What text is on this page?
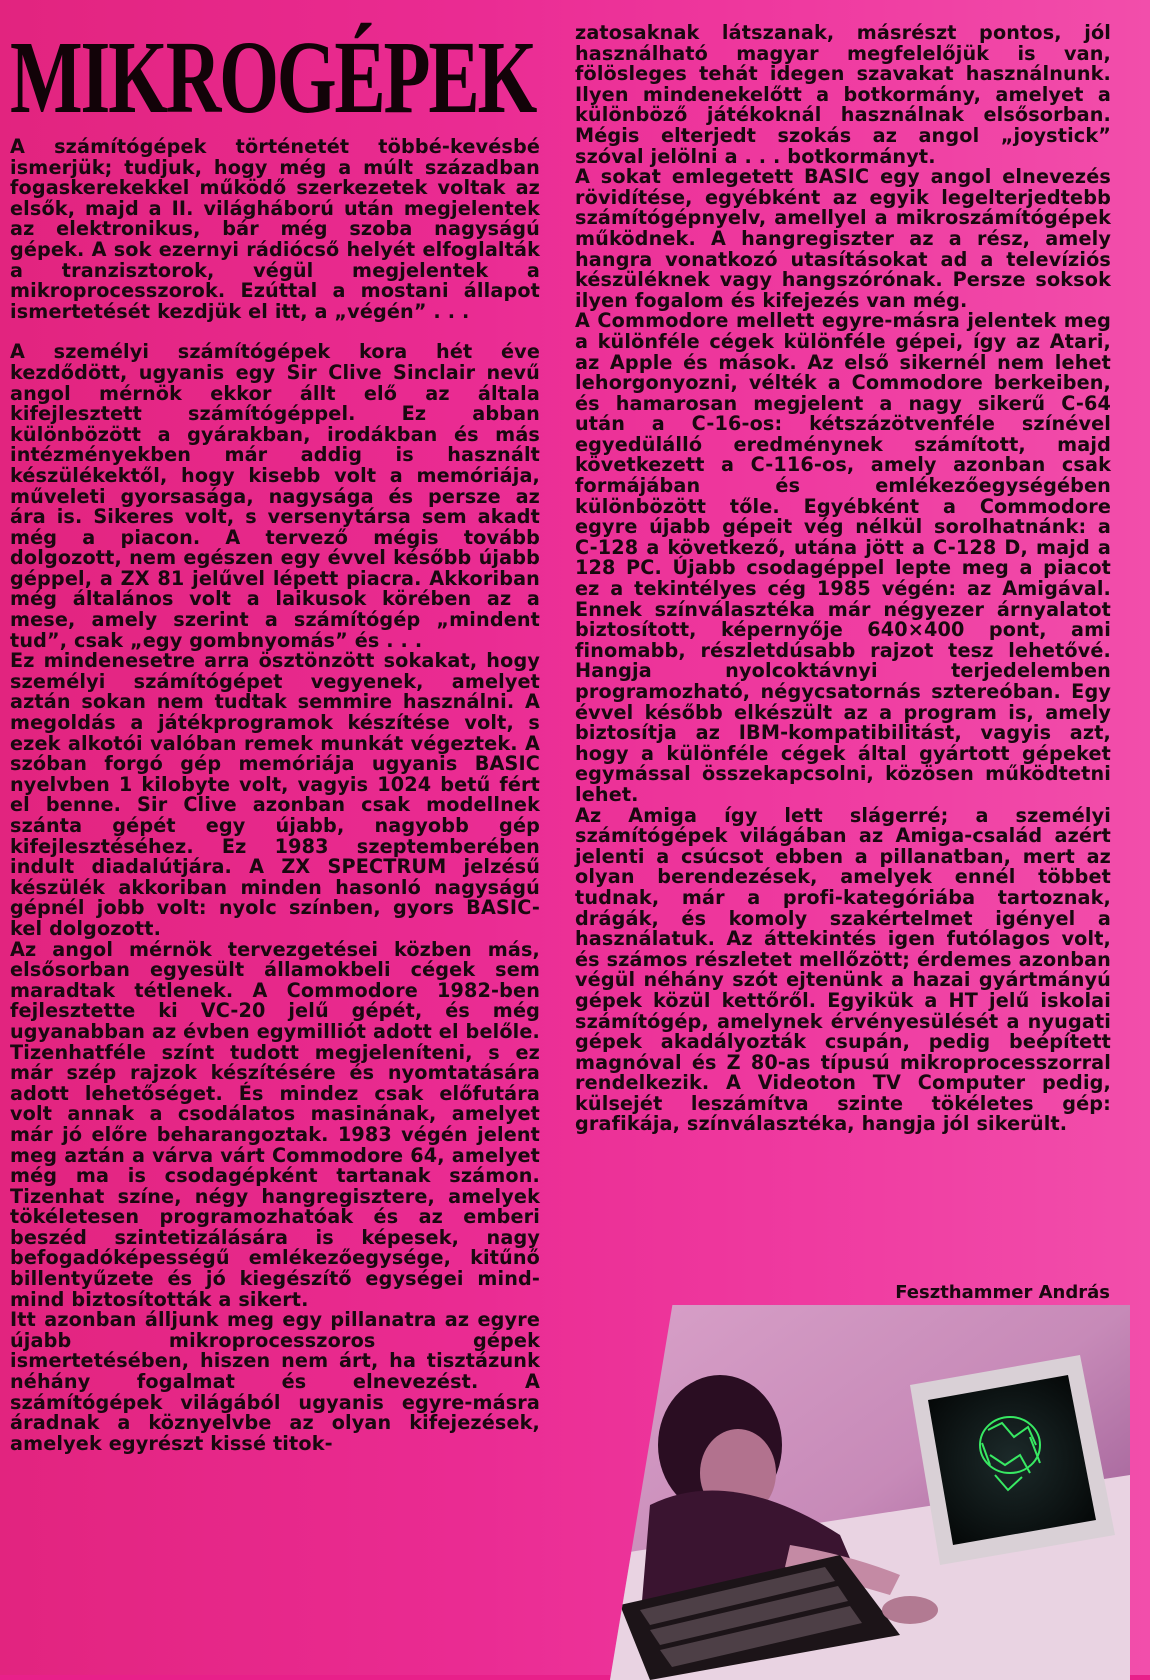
MIKROGÉPEK

A számítógépek történetét többé-kevésbé ismerjük; tudjuk, hogy még a múlt században fogaskerekekkel működő szerkezetek voltak az elsők, majd a II. világháború után megjelentek az elektronikus, bár még szoba nagyságú gépek. A sok ezernyi rádiócső helyét elfoglalták a tranzisztorok, végül megjelentek a mikroprocesszorok. Ezúttal a mostani állapot ismertetését kezdjük el itt, a „végén” . . .

A személyi számítógépek kora hét éve kezdődött, ugyanis egy Sir Clive Sinclair nevű angol mérnök ekkor állt elő az általa kifejlesztett számítógéppel. Ez abban különbözött a gyárakban, irodákban és más intézményekben már addig is használt készülékektől, hogy kisebb volt a memóriája, műveleti gyorsasága, nagysága és persze az ára is. Sikeres volt, s versenytársa sem akadt még a piacon. A tervező mégis tovább dolgozott, nem egészen egy évvel később újabb géppel, a ZX 81 jelűvel lépett piacra. Akkoriban még általános volt a laikusok körében az a mese, amely szerint a számítógép „mindent tud”, csak „egy gombnyomás” és . . .

Ez mindenesetre arra ösztönzött sokakat, hogy személyi számítógépet vegyenek, amelyet aztán sokan nem tudtak semmire használni. A megoldás a játékprogramok készítése volt, s ezek alkotói valóban remek munkát végeztek. A szóban forgó gép memóriája ugyanis BASIC nyelvben 1 kilobyte volt, vagyis 1024 betű fért el benne. Sir Clive azonban csak modellnek szánta gépét egy újabb, nagyobb gép kifejlesztéséhez. Ez 1983 szeptemberében indult diadalútjára. A ZX SPECTRUM jelzésű készülék akkoriban minden hasonló nagyságú gépnél jobb volt: nyolc színben, gyors BASIC-kel dolgozott.

Az angol mérnök tervezgetései közben más, elsősorban egyesült államokbeli cégek sem maradtak tétlenek. A Commodore 1982-ben fejlesztette ki VC-20 jelű gépét, és még ugyanabban az évben egymilliót adott el belőle. Tizenhatféle színt tudott megjeleníteni, s ez már szép rajzok készítésére és nyomtatására adott lehetőséget. És mindez csak előfutára volt annak a csodálatos masinának, amelyet már jó előre beharangoztak. 1983 végén jelent meg aztán a várva várt Commodore 64, amelyet még ma is csodagépként tartanak számon. Tizenhat színe, négy hangregisztere, amelyek tökéletesen programozhatóak és az emberi beszéd szintetizálására is képesek, nagy befogadóképességű emlékezőegysége, kitűnő billentyűzete és jó kiegészítő egységei mind-mind biztosították a sikert.

Itt azonban álljunk meg egy pillanatra az egyre újabb mikroprocesszoros gépek ismertetésében, hiszen nem árt, ha tisztázunk néhány fogalmat és elnevezést. A számítógépek világából ugyanis egyre-másra áradnak a köznyelvbe az olyan kifejezések, amelyek egyrészt kissé titok-

zatosaknak látszanak, másrészt pontos, jól használható magyar megfelelőjük is van, fölösleges tehát idegen szavakat használnunk. Ilyen mindenekelőtt a botkormány, amelyet a különböző játékoknál használnak elsősorban. Mégis elterjedt szokás az angol „joystick” szóval jelölni a . . . botkormányt.

A sokat emlegetett BASIC egy angol elnevezés rövidítése, egyébként az egyik legelterjedtebb számítógépnyelv, amellyel a mikroszámítógépek működnek. A hangregiszter az a rész, amely hangra vonatkozó utasításokat ad a televíziós készüléknek vagy hangszórónak. Persze soksok ilyen fogalom és kifejezés van még.

A Commodore mellett egyre-másra jelentek meg a különféle cégek különféle gépei, így az Atari, az Apple és mások. Az első sikernél nem lehet lehorgonyozni, vélték a Commodore berkeiben, és hamarosan megjelent a nagy sikerű C-64 után a C-16-os: kétszázötvenféle színével egyedülálló eredménynek számított, majd következett a C-116-os, amely azonban csak formájában és emlékezőegységében különbözött tőle. Egyébként a Commodore egyre újabb gépeit vég nélkül sorolhatnánk: a C-128 a következő, utána jött a C-128 D, majd a 128 PC. Újabb csodagéppel lepte meg a piacot ez a tekintélyes cég 1985 végén: az Amigával. Ennek színválasztéka már négyezer árnyalatot biztosított, képernyője 640×400 pont, ami finomabb, részletdúsabb rajzot tesz lehetővé. Hangja nyolcoktávnyi terjedelemben programozható, négycsatornás sztereóban. Egy évvel később elkészült az a program is, amely biztosítja az IBM-kompatibilitást, vagyis azt, hogy a különféle cégek által gyártott gépeket egymással összekapcsolni, közösen működtetni lehet.

Az Amiga így lett slágerré; a személyi számítógépek világában az Amiga-család azért jelenti a csúcsot ebben a pillanatban, mert az olyan berendezések, amelyek ennél többet tudnak, már a profi-kategóriába tartoznak, drágák, és komoly szakértelmet igényel a használatuk. Az áttekintés igen futólagos volt, és számos részletet mellőzött; érdemes azonban végül néhány szót ejtenünk a hazai gyártmányú gépek közül kettőről. Egyikük a HT jelű iskolai számítógép, amelynek érvényesülését a nyugati gépek akadályozták csupán, pedig beépített magnóval és Z 80-as típusú mikroprocesszorral rendelkezik. A Videoton TV Computer pedig, külsejét leszámítva szinte tökéletes gép: grafikája, színválasztéka, hangja jól sikerült.

Feszthammer András
